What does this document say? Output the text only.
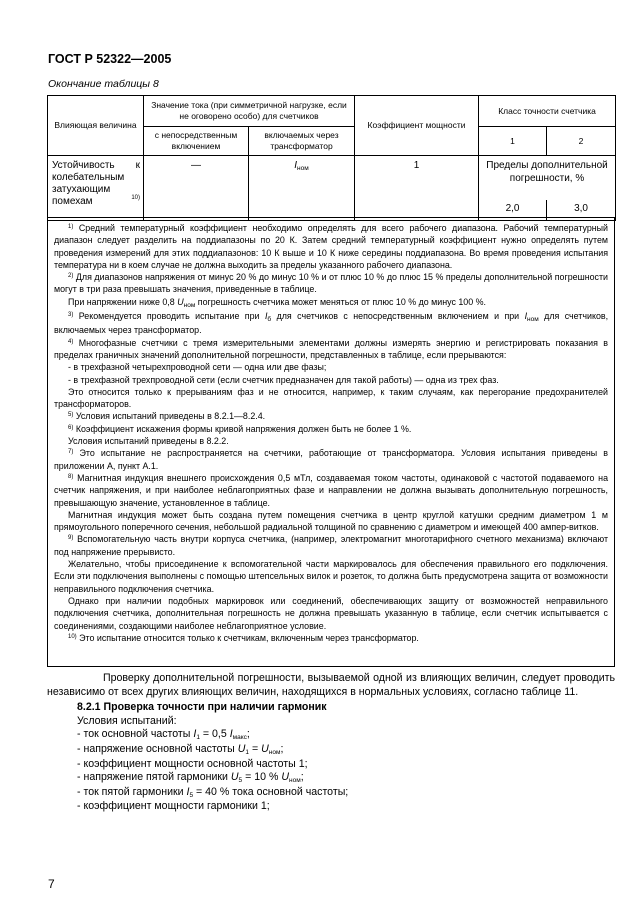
ГОСТ Р 52322—2005
Окончание таблицы 8
Влияющая величина	Значение тока (при симметричной нагрузке, если не оговорено особо) для счетчиков		Коэффициент мощности	Класс точности счетчика	
	с непосредственным включением	включаемых через трансформатор		1	2
Устойчивость к колебательным затухающим помехам $^{10)}$	—	$I_{ном}$	1	Пределы дополнительной погрешности, %	
				2,0	3,0

$^{1)}$ Средний температурный коэффициент необходимо определять для всего рабочего диапазона. Рабочий температурный диапазон следует разделить на поддиапазоны по 20 К. Затем средний температурный коэффициент нужно определять путем проведения измерений для этих поддиапазонов: 10 К выше и 10 К ниже середины поддиапазона. Во время проведения испытания температура ни в коем случае не должна выходить за пределы указанного рабочего диапазона.

$^{2)}$ Для диапазонов напряжения от минус 20 % до минус 10 % и от плюс 10 % до плюс 15 % пределы дополнительной погрешности могут в три раза превышать значения, приведенные в таблице.

При напряжении ниже 0,8 $U_{ном}$ погрешность счетчика может меняться от плюс 10 % до минус 100 %.

$^{3)}$ Рекомендуется проводить испытание при $I_б$ для счетчиков с непосредственным включением и при $I_{ном}$ для счетчиков, включаемых через трансформатор.

$^{4)}$ Многофазные счетчики с тремя измерительными элементами должны измерять энергию и регистрировать показания в пределах граничных значений дополнительной погрешности, представленных в таблице, если прерываются:

- в трехфазной четырехпроводной сети — одна или две фазы;

- в трехфазной трехпроводной сети (если счетчик предназначен для такой работы) — одна из трех фаз.

Это относится только к прерываниям фаз и не относится, например, к таким случаям, как перегорание предохранителей трансформаторов.

$^{5)}$ Условия испытаний приведены в 8.2.1—8.2.4.

$^{6)}$ Коэффициент искажения формы кривой напряжения должен быть не более 1 %.

Условия испытаний приведены в 8.2.2.

$^{7)}$ Это испытание не распространяется на счетчики, работающие от трансформатора. Условия испытания приведены в приложении А, пункт А.1.

$^{8)}$ Магнитная индукция внешнего происхождения 0,5 мТл, создаваемая током частоты, одинаковой с частотой подаваемого на счетчик напряжения, и при наиболее неблагоприятных фазе и направлении не должна вызывать дополнительную погрешность, превышающую значение, установленное в таблице.

Магнитная индукция может быть создана путем помещения счетчика в центр круглой катушки средним диаметром 1 м прямоугольного поперечного сечения, небольшой радиальной толщиной по сравнению с диаметром и имеющей 400 ампер-витков.

$^{9)}$ Вспомогательную часть внутри корпуса счетчика, (например, электромагнит многотарифного счетного механизма) включают под напряжение прерывисто.

Желательно, чтобы присоединение к вспомогательной части маркировалось для обеспечения правильного его подключения. Если эти подключения выполнены с помощью штепсельных вилок и розеток, то должна быть предусмотрена защита от возможности неправильного подключения счетчика.

Однако при наличии подобных маркировок или соединений, обеспечивающих защиту от возможностей неправильного подключения счетчика, дополнительная погрешность не должна превышать указанную в таблице, если счетчик испытывается с соединениями, создающими наиболее неблагоприятное условие.

$^{10)}$ Это испытание относится только к счетчикам, включенным через трансформатор.

Проверку дополнительной погрешности, вызываемой одной из влияющих величин, следует проводить независимо от всех других влияющих величин, находящихся в нормальных условиях, согласно таблице 11.

8.2.1 Проверка точности при наличии гармоник

Условия испытаний:

- ток основной частоты $I_1 = 0,5$ $I_{макс}$;

- напряжение основной частоты $U_1 = U_{ном}$;

- коэффициент мощности основной частоты 1;

- напряжение пятой гармоники $U_5 = 10$ % $U_{ном}$;

- ток пятой гармоники $I_5 = 40$ % тока основной частоты;

- коэффициент мощности гармоники 1;

7
